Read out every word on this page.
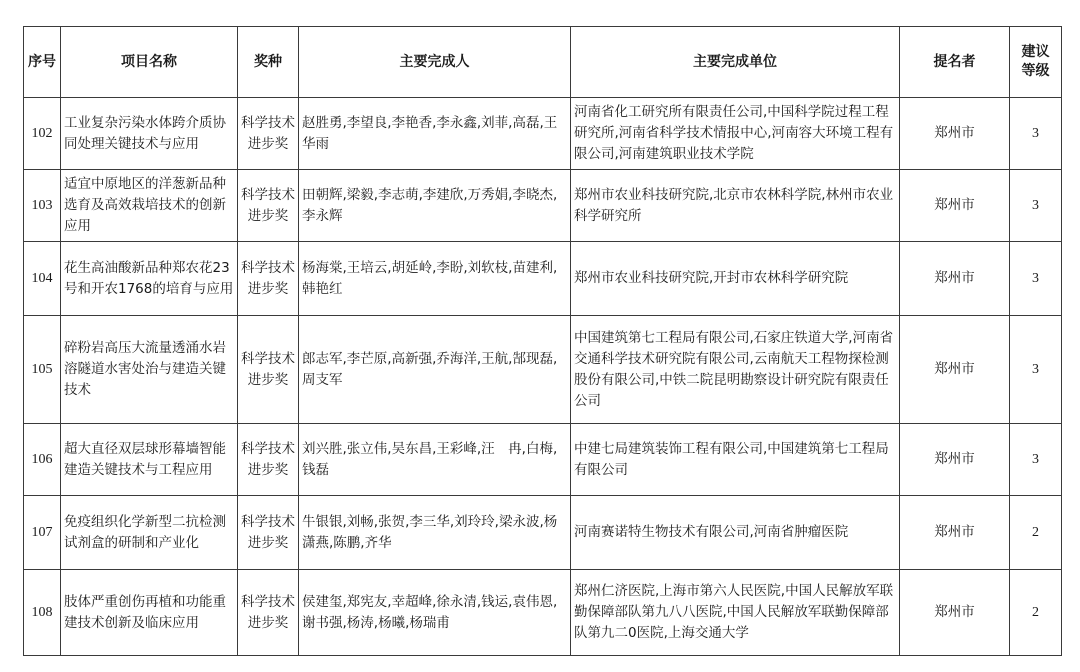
序号	项目名称	奖种	主要完成人	主要完成单位	提名者	建议等级
102	工业复杂污染水体跨介质协同处理关键技术与应用	科学技术进步奖	赵胜勇,李望良,李艳香,李永鑫,刘菲,高磊,王华雨	河南省化工研究所有限责任公司,中国科学院过程工程研究所,河南省科学技术情报中心,河南容大环境工程有限公司,河南建筑职业技术学院	郑州市	3
103	适宜中原地区的洋葱新品种选育及高效栽培技术的创新应用	科学技术进步奖	田朝辉,梁毅,李志萌,李建欣,万秀娟,李晓杰,李永辉	郑州市农业科技研究院,北京市农林科学院,林州市农业科学研究所	郑州市	3
104	花生高油酸新品种郑农花23号和开农1768的培育与应用	科学技术进步奖	杨海棠,王培云,胡延岭,李盼,刘软枝,苗建利,韩艳红	郑州市农业科技研究院,开封市农林科学研究院	郑州市	3
105	碎粉岩高压大流量透涌水岩溶隧道水害处治与建造关键技术	科学技术进步奖	郎志军,李芒原,高新强,乔海洋,王航,郜现磊,周支军	中国建筑第七工程局有限公司,石家庄铁道大学,河南省交通科学技术研究院有限公司,云南航天工程物探检测股份有限公司,中铁二院昆明勘察设计研究院有限责任公司	郑州市	3
106	超大直径双层球形幕墙智能建造关键技术与工程应用	科学技术进步奖	刘兴胜,张立伟,吴东昌,王彩峰,汪　冉,白梅,钱磊	中建七局建筑装饰工程有限公司,中国建筑第七工程局有限公司	郑州市	3
107	免疫组织化学新型二抗检测试剂盒的研制和产业化	科学技术进步奖	牛银银,刘畅,张贺,李三华,刘玲玲,梁永波,杨潇燕,陈鹏,齐华	河南赛诺特生物技术有限公司,河南省肿瘤医院	郑州市	2
108	肢体严重创伤再植和功能重建技术创新及临床应用	科学技术进步奖	侯建玺,郑宪友,幸超峰,徐永清,钱运,袁伟恩,谢书强,杨涛,杨曦,杨瑞甫	郑州仁济医院,上海市第六人民医院,中国人民解放军联勤保障部队第九八八医院,中国人民解放军联勤保障部队第九二0医院,上海交通大学	郑州市	2
